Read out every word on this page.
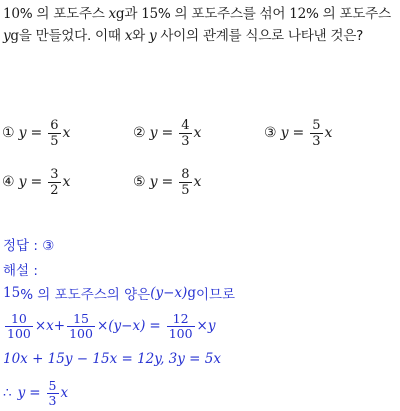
10% 의 포도주스 xg과 15% 의 포도주스를 섞어 12% 의 포도주스 yg을 만들었다. 이때 x와 y 사이의 관계를 식으로 나타낸 것은?
① $y = \frac{6}{5}$ x	② $y = \frac{4}{3}$ x	③ $y = \frac{5}{3}$ x
④ $y = \frac{3}{2}$ x	⑤ $y = \frac{8}{5}$ x
정답 : ③
해설 :
15 % 의 포도주스의 양은 (y−x) g 이므로
$\frac{10}{100} \times x + \frac{15}{100} \times (y-x) = \frac{12}{100} \times y$
10x + 15y − 15x = 12y, 3y = 5x
∴ $y = \frac{5}{3}$ x
